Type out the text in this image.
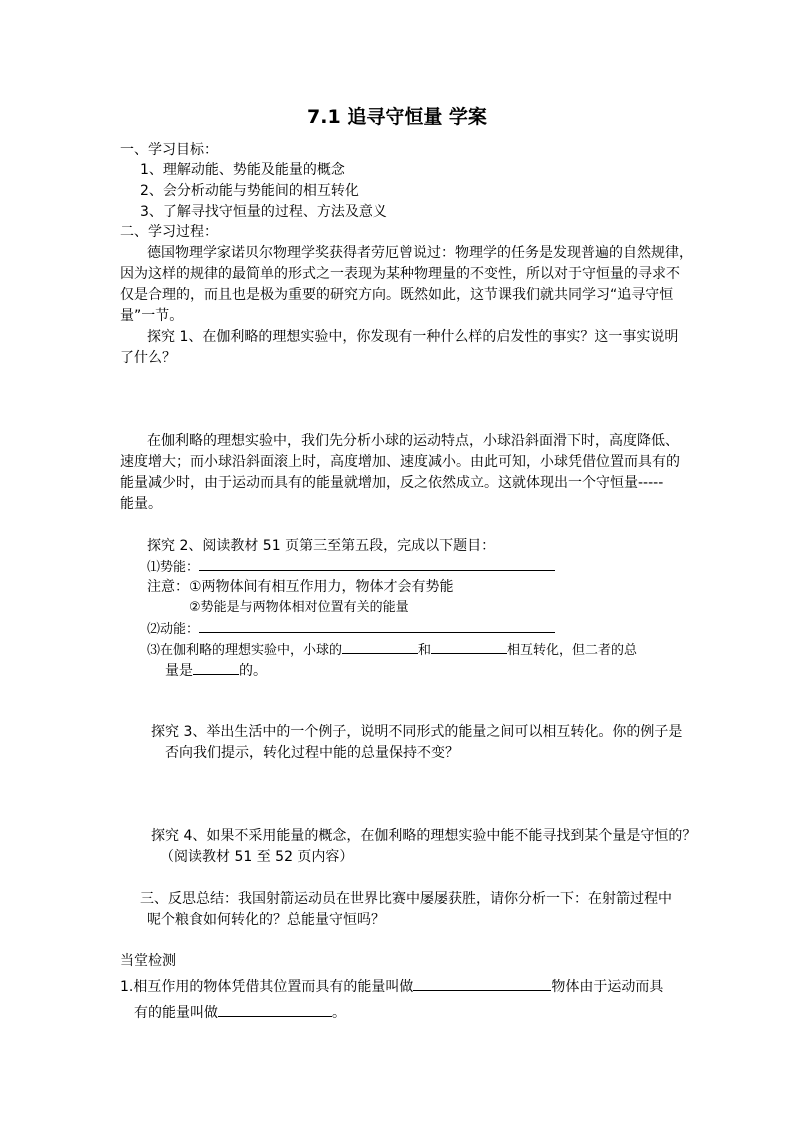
7.1 追寻守恒量 学案
一、学习目标：
1、理解动能、势能及能量的概念
2、会分析动能与势能间的相互转化
3、了解寻找守恒量的过程、方法及意义
二、学习过程：
德国物理学家诺贝尔物理学奖获得者劳厄曾说过：物理学的任务是发现普遍的自然规律，
因为这样的规律的最简单的形式之一表现为某种物理量的不变性，所以对于守恒量的寻求不
仅是合理的，而且也是极为重要的研究方向。既然如此，这节课我们就共同学习“追寻守恒
量”一节。
探究 1、在伽利略的理想实验中，你发现有一种什么样的启发性的事实？这一事实说明
了什么？
在伽利略的理想实验中，我们先分析小球的运动特点，小球沿斜面滑下时，高度降低、
速度增大；而小球沿斜面滚上时，高度增加、速度减小。由此可知，小球凭借位置而具有的
能量减少时，由于运动而具有的能量就增加，反之依然成立。这就体现出一个守恒量-----
能量。
探究 2、阅读教材 51 页第三至第五段，完成以下题目：
⑴势能：
注意：①两物体间有相互作用力，物体才会有势能
②势能是与两物体相对位置有关的能量
⑵动能：
⑶在伽利略的理想实验中，小球的	和	相互转化，但二者的总
量是	的。
探究 3、举出生活中的一个例子，说明不同形式的能量之间可以相互转化。你的例子是
否向我们提示，转化过程中能的总量保持不变？
探究 4、如果不采用能量的概念，在伽利略的理想实验中能不能寻找到某个量是守恒的？
（阅读教材 51 至 52 页内容）
三、反思总结：我国射箭运动员在世界比赛中屡屡获胜，请你分析一下：在射箭过程中
呢个粮食如何转化的？总能量守恒吗？
当堂检测
1.相互作用的物体凭借其位置而具有的能量叫做	物体由于运动而具
有的能量叫做	。
